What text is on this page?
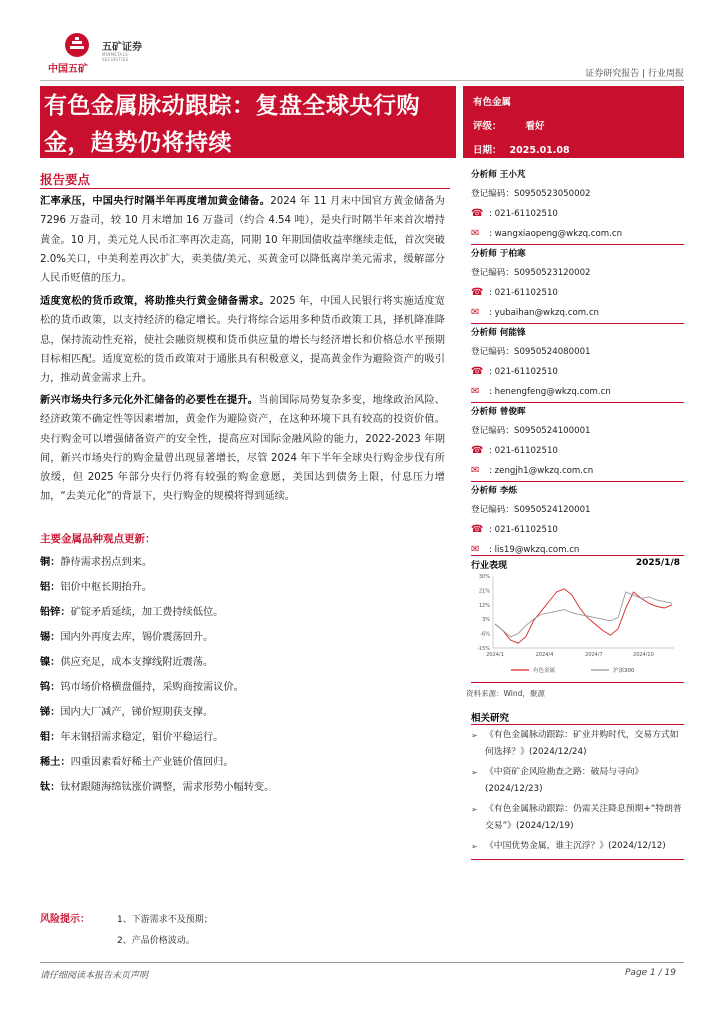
中国五矿
五矿证券
MINMETALS SECURITIES
证券研究报告 | 行业周报
有色金属脉动跟踪：复盘全球央行购
金，趋势仍将持续
有色金属
评级：	看好
日期： 2025.01.08
报告要点
汇率承压，中国央行时隔半年再度增加黄金储备。2024 年 11 月末中国官方黄金储备为 7296 万盎司，较 10 月末增加 16 万盎司（约合 4.54 吨），是央行时隔半年来首次增持黄金。10 月，美元兑人民币汇率再次走高，同期 10 年期国债收益率继续走低，首次突破 2.0%关口，中美利差再次扩大，卖美债/美元、买黄金可以降低离岸美元需求，缓解部分人民币贬值的压力。
适度宽松的货币政策，将助推央行黄金储备需求。2025 年，中国人民银行将实施适度宽松的货币政策，以支持经济的稳定增长。央行将综合运用多种货币政策工具，择机降准降息，保持流动性充裕，使社会融资规模和货币供应量的增长与经济增长和价格总水平预期目标相匹配。适度宽松的货币政策对于通胀具有积极意义，提高黄金作为避险资产的吸引力，推动黄金需求上升。
新兴市场央行多元化外汇储备的必要性在提升。当前国际局势复杂多变，地缘政治风险、经济政策不确定性等因素增加，黄金作为避险资产，在这种环境下具有较高的投资价值。央行购金可以增强储备资产的安全性，提高应对国际金融风险的能力，2022-2023 年期间，新兴市场央行的购金量曾出现显著增长，尽管 2024 年下半年全球央行购金步伐有所放缓，但 2025 年部分央行仍将有较强的购金意愿，美国达到债务上限，付息压力增加，“去美元化”的背景下，央行购金的规模将得到延续。
主要金属品种观点更新：
铜：静待需求拐点到来。
铝：铝价中枢长期抬升。
铅锌：矿锭矛盾延续，加工费持续低位。
锡：国内外再度去库，锡价震荡回升。
镍：供应充足，成本支撑线附近震荡。
钨：钨市场价格横盘僵持，采购商按需议价。
锑：国内大厂减产，锑价短期获支撑。
钼：年末钢招需求稳定，钼价平稳运行。
稀土：四重因素看好稀土产业链价值回归。
钛：钛材跟随海绵钛涨价调整，需求形势小幅转变。
分析师 王小芃
登记编码：S0950523050002
☎ : 021-61102510
✉ : wangxiaopeng@wkzq.com.cn
分析师 于柏寒
登记编码：S0950523120002
☎ : 021-61102510
✉ : yubaihan@wkzq.com.cn
分析师 何能锋
登记编码：S0950524080001
☎ : 021-61102510
✉ : henengfeng@wkzq.com.cn
分析师 曾俊晖
登记编码：S0950524100001
☎ : 021-61102510
✉ : zengjh1@wkzq.com.cn
分析师 李烁
登记编码：S0950524120001
☎ : 021-61102510
✉ : lis19@wkzq.com.cn
行业表现	2025/1/8
30%
21%
12%
3%
-6%
-15%
2024/1	2024/4	2024/7	2024/10
有色金属	沪深300
资料来源：Wind，聚源
相关研究
➢ 《有色金属脉动跟踪：矿业并购时代，交易方式如何选择？》(2024/12/24)
➢ 《中资矿企风险勘查之路：破局与寻向》(2024/12/23)
➢ 《有色金属脉动跟踪：仍需关注降息预期+“特朗普交易”》(2024/12/19)
➢ 《中国优势金属，谁主沉浮？》(2024/12/12)
风险提示：	1、下游需求不及预期；
2、产品价格波动。
请仔细阅读本报告末页声明	Page 1 / 19
